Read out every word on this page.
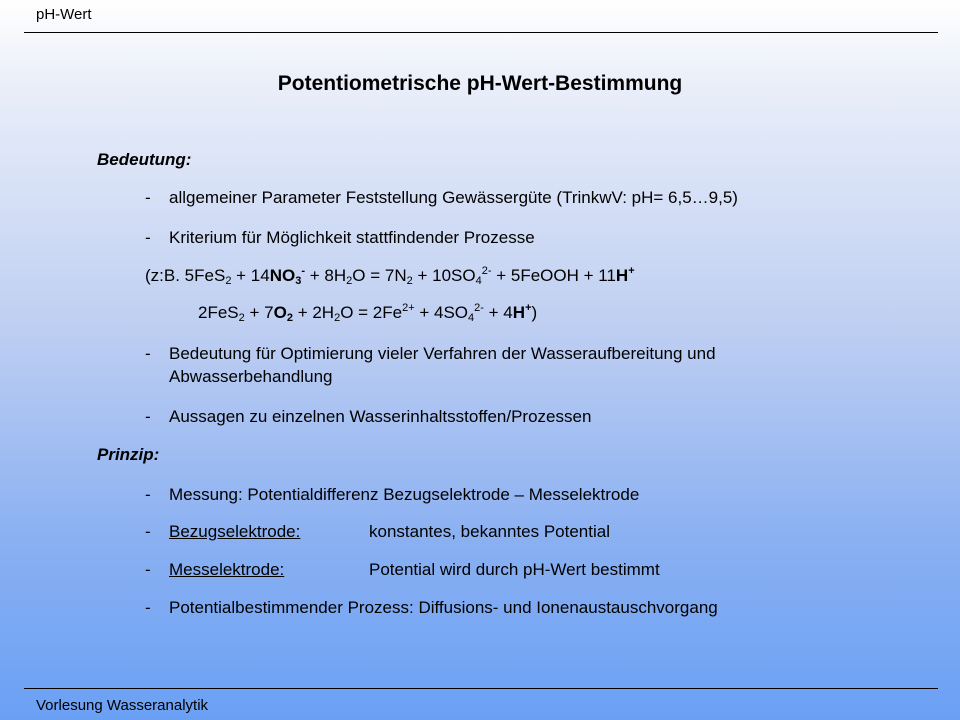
pH-Wert
Potentiometrische pH-Wert-Bestimmung
Bedeutung:
- allgemeiner Parameter Feststellung Gewässergüte (TrinkwV: pH= 6,5…9,5)
- Kriterium für Möglichkeit stattfindender Prozesse
(z:B. $5FeS_2 + 14NO_3^- + 8H_2O = 7N_2 + 10SO_4^{2-}$ + 5FeOOH + 11H+
$2FeS_2 + 7O_2 + 2H_2O = 2Fe^{2+} + 4SO_4^{2-} + 4H^+$)
- Bedeutung für Optimierung vieler Verfahren der Wasseraufbereitung und
Abwasserbehandlung
- Aussagen zu einzelnen Wasserinhaltsstoffen/Prozessen
Prinzip:
- Messung: Potentialdifferenz Bezugselektrode – Messelektrode
- Bezugselektrode:	konstantes, bekanntes Potential
- Messelektrode:	Potential wird durch pH-Wert bestimmt
- Potentialbestimmender Prozess: Diffusions- und Ionenaustauschvorgang
Vorlesung Wasseranalytik
